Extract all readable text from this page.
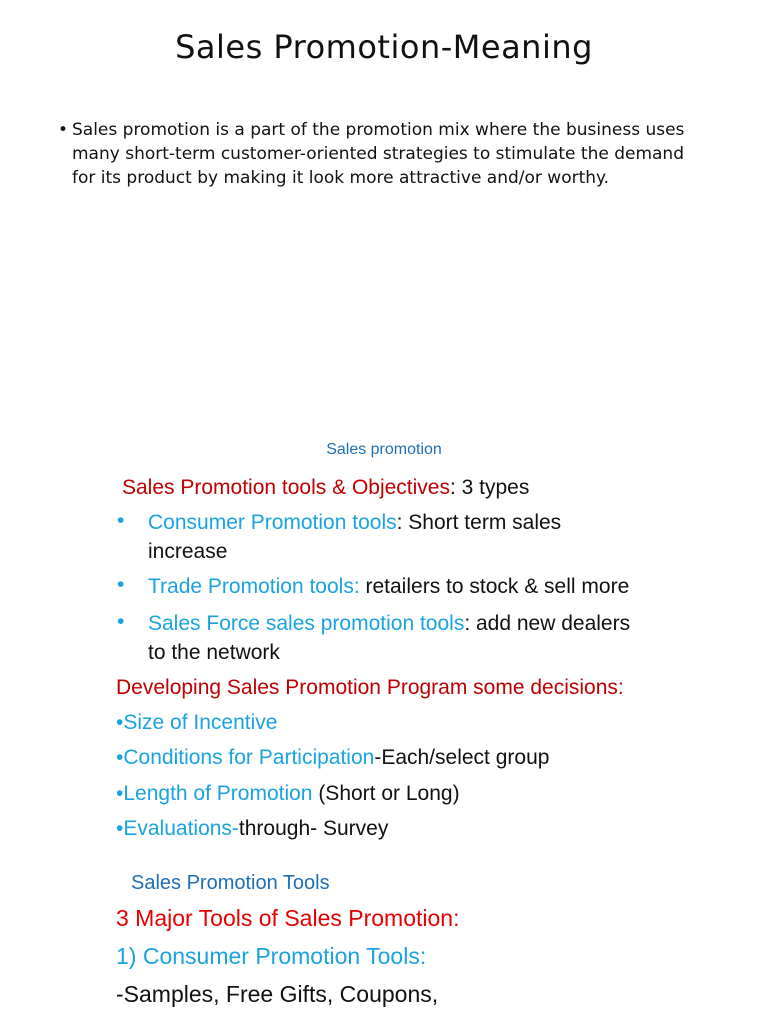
Sales Promotion-Meaning
• Sales promotion is a part of the promotion mix where the business uses many short-term customer-oriented strategies to stimulate the demand for its product by making it look more attractive and/or worthy.
Sales promotion
Sales Promotion tools & Objectives: 3 types
• Consumer Promotion tools: Short term sales
increase
• Trade Promotion tools: retailers to stock & sell more
• Sales Force sales promotion tools: add new dealers
to the network
Developing Sales Promotion Program some decisions:
•Size of Incentive
•Conditions for Participation-Each/select group
•Length of Promotion (Short or Long)
•Evaluations-through- Survey
Sales Promotion Tools
3 Major Tools of Sales Promotion:
1) Consumer Promotion Tools:
-Samples, Free Gifts, Coupons,
